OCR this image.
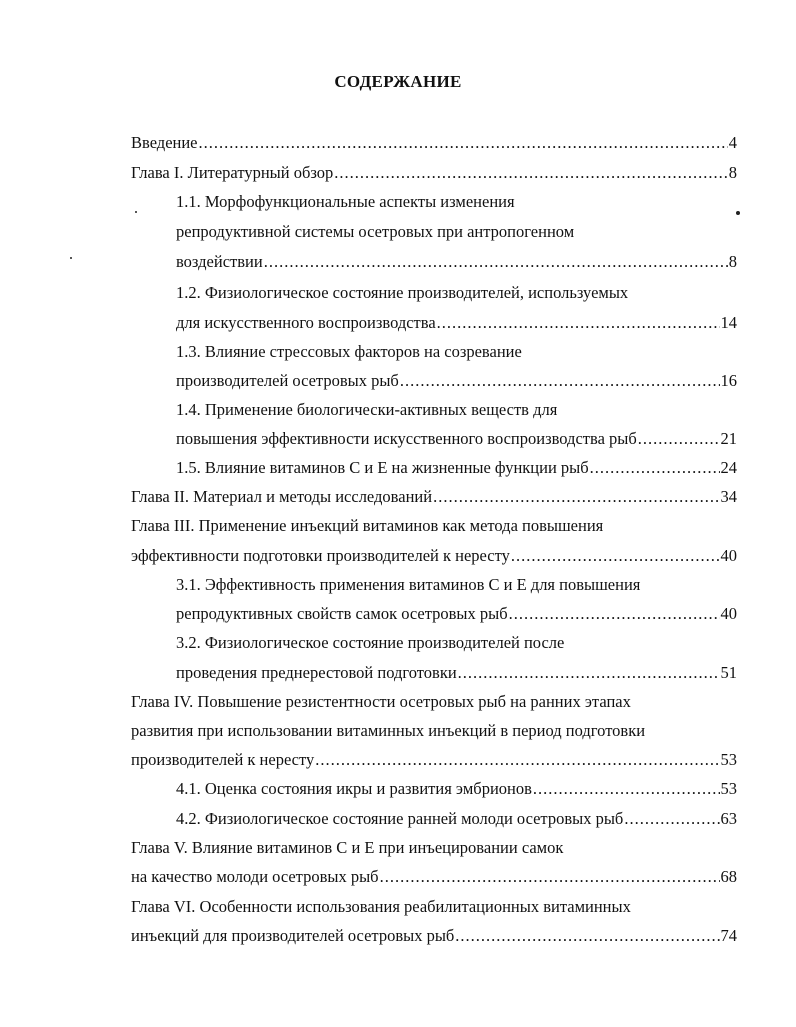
СОДЕРЖАНИЕ
Введение .....	4
Глава I. Литературный обзор .....	8
1.1. Морфофункциональные аспекты изменения
репродуктивной системы осетровых при антропогенном
воздействии .....	8
1.2. Физиологическое состояние производителей, используемых
для искусственного воспроизводства .....	14
1.3. Влияние стрессовых факторов на созревание
производителей осетровых рыб .....	16
1.4. Применение биологически-активных веществ для
повышения эффективности искусственного воспроизводства рыб .....	21
1.5. Влияние витаминов С и Е на жизненные функции рыб .....	24
Глава II. Материал и методы исследований .....	34
Глава III. Применение инъекций витаминов как метода повышения
эффективности подготовки производителей к нересту .....	40
3.1. Эффективность применения витаминов С и Е для повышения
репродуктивных свойств самок осетровых рыб .....	40
3.2. Физиологическое состояние производителей после
проведения преднерестовой подготовки .....	51
Глава IV. Повышение резистентности осетровых рыб на ранних этапах
развития при использовании витаминных инъекций в период подготовки
производителей к нересту .....	53
4.1. Оценка состояния икры и развития эмбрионов .....	53
4.2. Физиологическое состояние ранней молоди осетровых рыб .....	63
Глава V. Влияние витаминов С и Е при инъецировании самок
на качество молоди осетровых рыб .....	68
Глава VI. Особенности использования реабилитационных витаминных
инъекций для производителей осетровых рыб .....	74
